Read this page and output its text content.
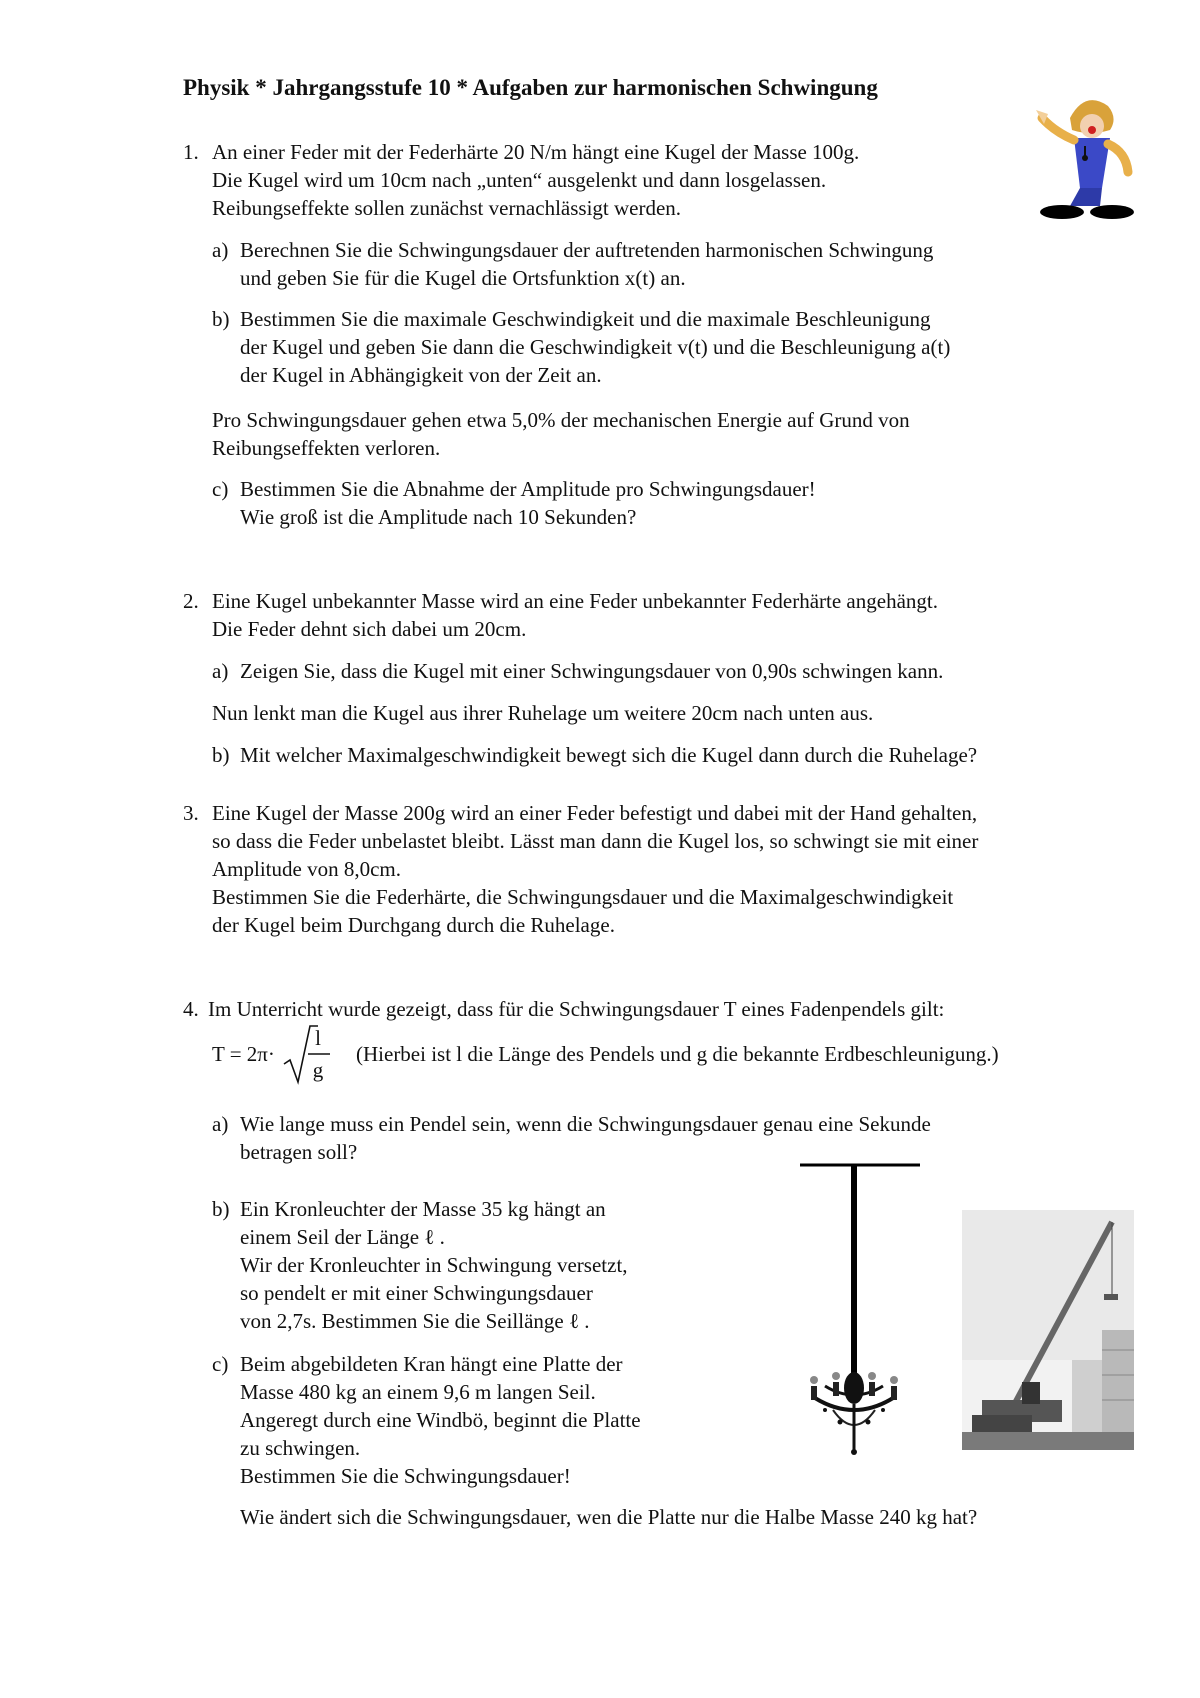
Physik * Jahrgangsstufe 10 * Aufgaben zur harmonischen Schwingung
1. An einer Feder mit der Federhärte 20 N/m hängt eine Kugel der Masse 100g.

Die Kugel wird um 10cm nach „unten“ ausgelenkt und dann losgelassen.

Reibungseffekte sollen zunächst vernachlässigt werden.

a) Berechnen Sie die Schwingungsdauer der auftretenden harmonischen Schwingung

und geben Sie für die Kugel die Ortsfunktion x(t) an.

b) Bestimmen Sie die maximale Geschwindigkeit und die maximale Beschleunigung

der Kugel und geben Sie dann die Geschwindigkeit v(t) und die Beschleunigung a(t)

der Kugel in Abhängigkeit von der Zeit an.

Pro Schwingungsdauer gehen etwa 5,0% der mechanischen Energie auf Grund von

Reibungseffekten verloren.

c) Bestimmen Sie die Abnahme der Amplitude pro Schwingungsdauer!

Wie groß ist die Amplitude nach 10 Sekunden?

2. Eine Kugel unbekannter Masse wird an eine Feder unbekannter Federhärte angehängt.

Die Feder dehnt sich dabei um 20cm.

a) Zeigen Sie, dass die Kugel mit einer Schwingungsdauer von 0,90s schwingen kann.

Nun lenkt man die Kugel aus ihrer Ruhelage um weitere 20cm nach unten aus.

b) Mit welcher Maximalgeschwindigkeit bewegt sich die Kugel dann durch die Ruhelage?

3. Eine Kugel der Masse 200g wird an einer Feder befestigt und dabei mit der Hand gehalten,

so dass die Feder unbelastet bleibt. Lässt man dann die Kugel los, so schwingt sie mit einer

Amplitude von 8,0cm.

Bestimmen Sie die Federhärte, die Schwingungsdauer und die Maximalgeschwindigkeit

der Kugel beim Durchgang durch die Ruhelage.

4. Im Unterricht wurde gezeigt, dass für die Schwingungsdauer T eines Fadenpendels gilt:
T = 2π·
l
g
(Hierbei ist l die Länge des Pendels und g die bekannte Erdbeschleunigung.)
a) Wie lange muss ein Pendel sein, wenn die Schwingungsdauer genau eine Sekunde

betragen soll?

b) Ein Kronleuchter der Masse 35 kg hängt an

einem Seil der Länge ℓ .

Wir der Kronleuchter in Schwingung versetzt,

so pendelt er mit einer Schwingungsdauer

von 2,7s. Bestimmen Sie die Seillänge ℓ .

c) Beim abgebildeten Kran hängt eine Platte der

Masse 480 kg an einem 9,6 m langen Seil.

Angeregt durch eine Windbö, beginnt die Platte

zu schwingen.

Bestimmen Sie die Schwingungsdauer!

Wie ändert sich die Schwingungsdauer, wen die Platte nur die Halbe Masse 240 kg hat?
